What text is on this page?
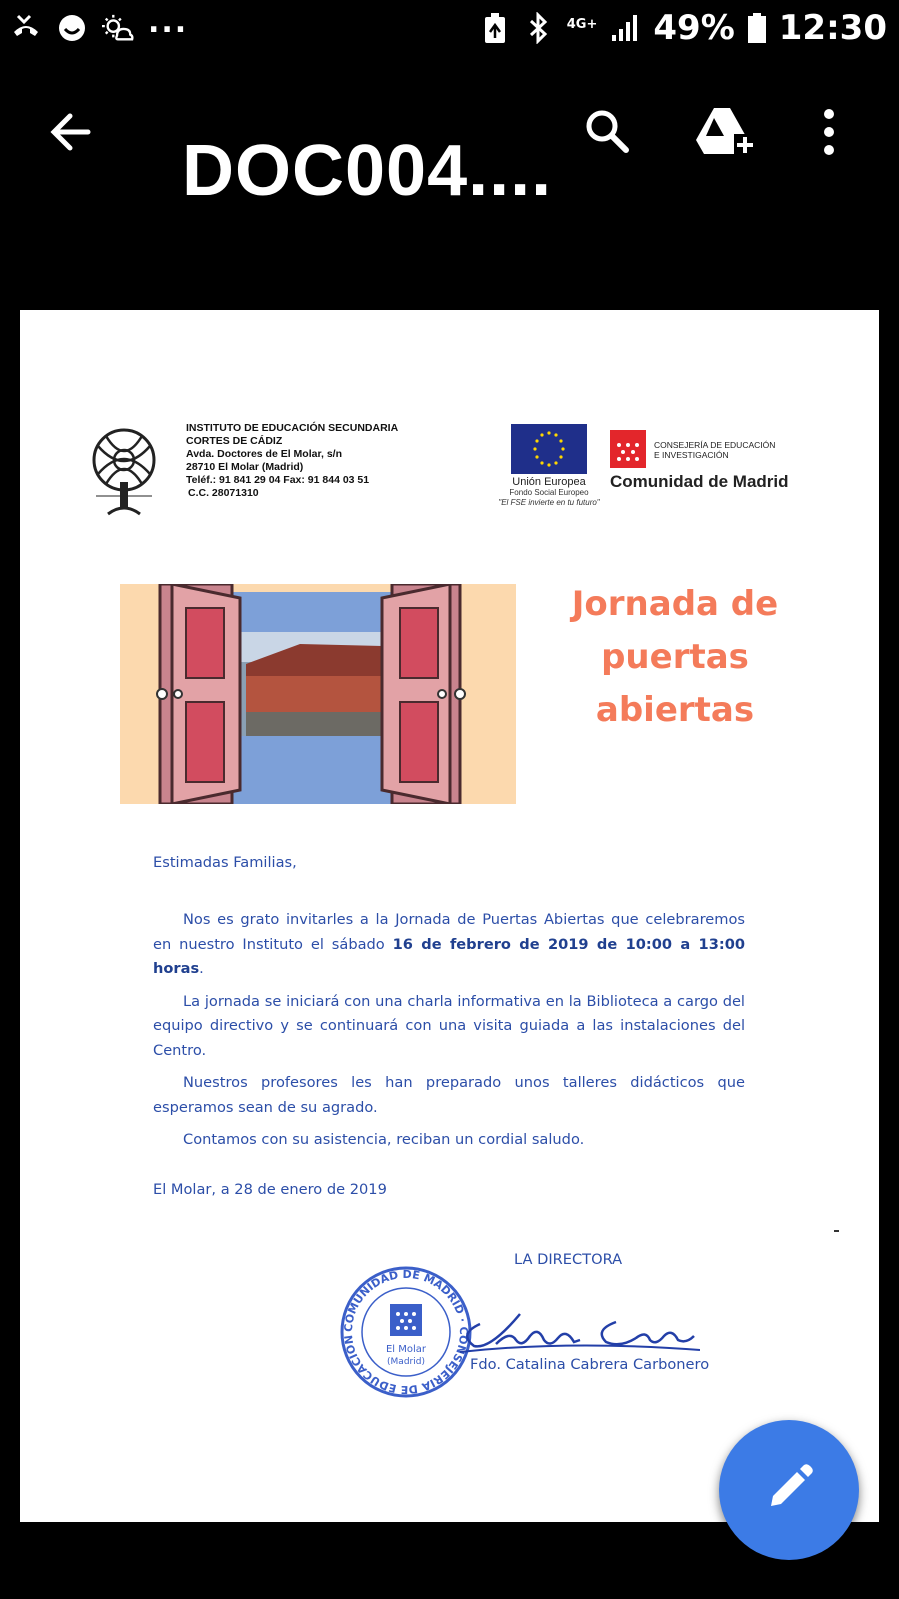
...	4G+ 49% 12:30
DOC004....
INSTITUTO DE EDUCACIÓN SECUNDARIA
CORTES DE CÁDIZ
Avda. Doctores de El Molar, s/n
28710 El Molar (Madrid)
Teléf.: 91 841 29 04 Fax: 91 844 03 51
C.C. 28071310
Unión Europea
Fondo Social Europeo
"El FSE invierte en tu futuro"
CONSEJERÍA DE EDUCACIÓN
E INVESTIGACIÓN
Comunidad de Madrid
Jornada de
puertas
abiertas
Estimadas Familias,

Nos es grato invitarles a la Jornada de Puertas Abiertas que celebraremos en nuestro Instituto el sábado 16 de febrero de 2019 de 10:00 a 13:00 horas.

La jornada se iniciará con una charla informativa en la Biblioteca a cargo del equipo directivo y se continuará con una visita guiada a las instalaciones del Centro.

Nuestros profesores les han preparado unos talleres didácticos que esperamos sean de su agrado.

Contamos con su asistencia, reciban un cordial saludo.

El Molar, a 28 de enero de 2019
LA DIRECTORA
COMUNIDAD DE MADRID · CONSEJERÍA DE EDUCACIÓN
El Molar
(Madrid)	Fdo. Catalina Cabrera Carbonero
